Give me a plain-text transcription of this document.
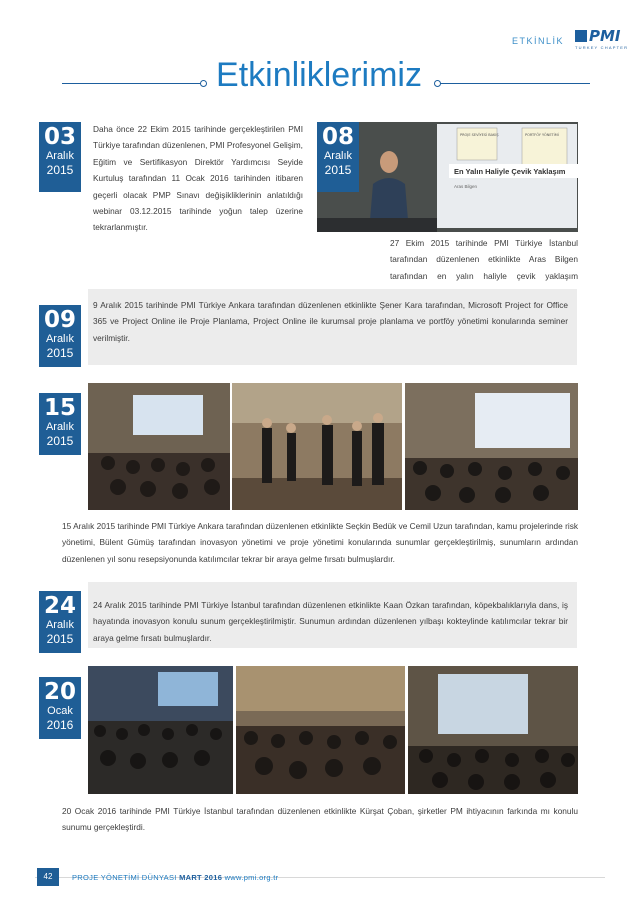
ETKİNLİK PMI
TURKEY CHAPTER
Etkinliklerimiz
03
Aralık
2015
Daha önce 22 Ekim 2015 tarihinde gerçekleştirilen PMI Türkiye tarafından düzenlenen, PMI Profesyonel Gelişim, Eğitim ve Sertifikasyon Direktör Yardımcısı Seyide Kurtuluş tarafından 11 Ocak 2016 tarihinden itibaren geçerli olacak PMP Sınavı değişikliklerinin anlatıldığı webinar 03.12.2015 tarihinde yoğun talep üzerine tekrarlanmıştır.
PROJE SEVİYESİ BAKIŞ	PORTFÖY YÖNETİMİ
En Yalın Haliyle Çevik Yaklaşım
Aras Bilgen
08
Aralık
2015
27 Ekim 2015 tarihinde PMI Türkiye İstanbul tarafından düzenlenen etkinlikte Aras Bilgen tarafından en yalın haliyle çevik yaklaşım
09
Aralık
2015
9 Aralık 2015 tarihinde PMI Türkiye Ankara tarafından düzenlenen etkinlikte Şener Kara tarafından, Microsoft Project for Office 365 ve Project Online ile Proje Planlama, Project Online ile kurumsal proje planlama ve portföy yönetimi konularında seminer verilmiştir.
15
Aralık
2015
15 Aralık 2015 tarihinde PMI Türkiye Ankara tarafından düzenlenen etkinlikte Seçkin Bedük ve Cemil Uzun tarafından, kamu projelerinde risk yönetimi, Bülent Gümüş tarafından inovasyon yönetimi ve proje yönetimi konularında sunumlar gerçekleştirilmiş, sunumların ardından düzenlenen yıl sonu resepsiyonunda katılımcılar tekrar bir araya gelme fırsatı bulmuşlardır.
24
Aralık
2015
24 Aralık 2015 tarihinde PMI Türkiye İstanbul tarafından düzenlenen etkinlikte Kaan Özkan tarafından, köpekbalıklarıyla dans, iş hayatında inovasyon konulu sunum gerçekleştirilmiştir. Sunumun ardından düzenlenen yılbaşı kokteylinde katılımcılar tekrar bir araya gelme fırsatı bulmuşlardır.
20
Ocak
2016
20 Ocak 2016 tarihinde PMI Türkiye İstanbul tarafından düzenlenen etkinlikte Kürşat Çoban, şirketler PM ihtiyacının farkında mı konulu sunumu gerçekleştirdi.
42	PROJE YÖNETİMİ DÜNYASI MART 2016 www.pmi.org.tr
